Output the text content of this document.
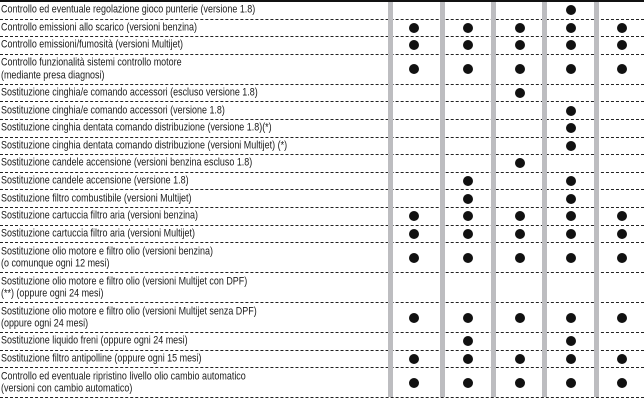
Controllo ed eventuale regolazione gioco punterie (versione 1.8)
Controllo emissioni allo scarico (versioni benzina)
Controllo emissioni/fumosità (versioni Multijet)
Controllo funzionalità sistemi controllo motore
(mediante presa diagnosi)
Sostituzione cinghia/e comando accessori (escluso versione 1.8)
Sostituzione cinghia/e comando accessori (versione 1.8)
Sostituzione cinghia dentata comando distribuzione (versione 1.8)(*)
Sostituzione cinghia dentata comando distribuzione (versioni Multijet) (*)
Sostituzione candele accensione (versioni benzina escluso 1.8)
Sostituzione candele accensione (versione 1.8)
Sostituzione filtro combustibile (versioni Multijet)
Sostituzione cartuccia filtro aria (versioni benzina)
Sostituzione cartuccia filtro aria (versioni Multijet)
Sostituzione olio motore e filtro olio (versioni benzina)
(o comunque ogni 12 mesi)
Sostituzione olio motore e filtro olio (versioni Multijet con DPF)
(**) (oppure ogni 24 mesi)
Sostituzione olio motore e filtro olio (versioni Multijet senza DPF)
(oppure ogni 24 mesi)
Sostituzione liquido freni (oppure ogni 24 mesi)
Sostituzione filtro antipolline (oppure ogni 15 mesi)
Controllo ed eventuale ripristino livello olio cambio automatico
(versioni con cambio automatico)
